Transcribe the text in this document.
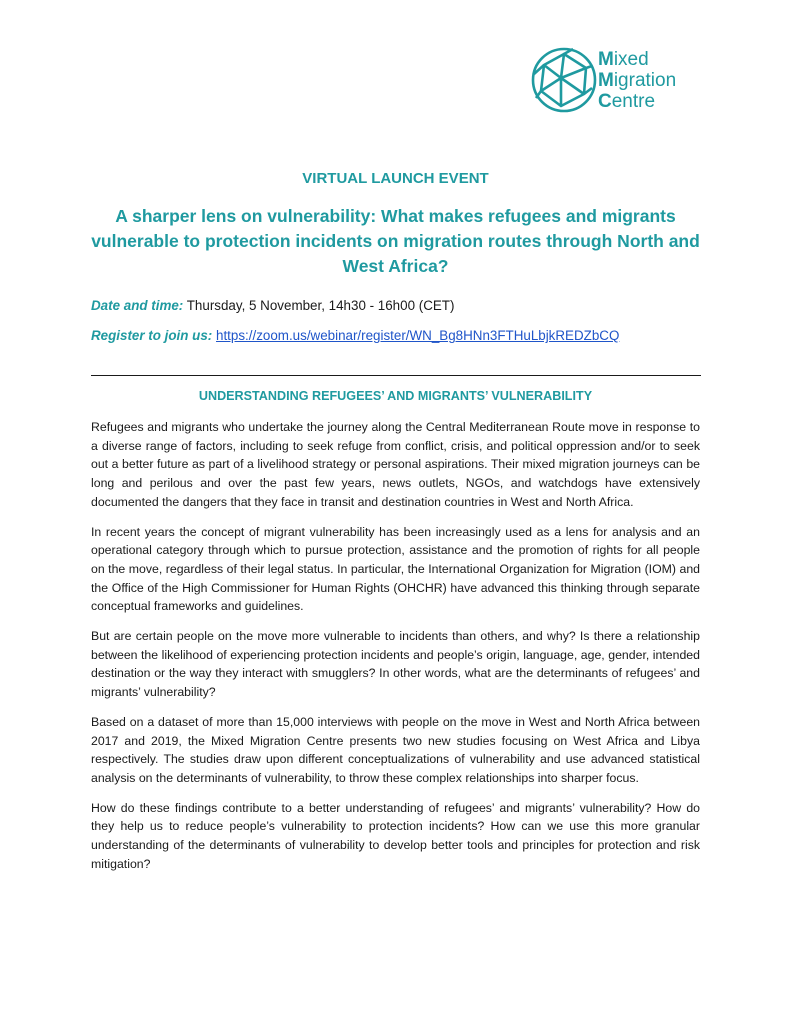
Mixed
Migration
Centre
VIRTUAL LAUNCH EVENT
A sharper lens on vulnerability: What makes refugees and migrants vulnerable to protection incidents on migration routes through North and West Africa?
Date and time: Thursday, 5 November, 14h30 - 16h00 (CET)
Register to join us: https://zoom.us/webinar/register/WN_Bg8HNn3FTHuLbjkREDZbCQ
UNDERSTANDING REFUGEES’ AND MIGRANTS’ VULNERABILITY

Refugees and migrants who undertake the journey along the Central Mediterranean Route move in response to a diverse range of factors, including to seek refuge from conflict, crisis, and political oppression and/or to seek out a better future as part of a livelihood strategy or personal aspirations. Their mixed migration journeys can be long and perilous and over the past few years, news outlets, NGOs, and watchdogs have extensively documented the dangers that they face in transit and destination countries in West and North Africa.

In recent years the concept of migrant vulnerability has been increasingly used as a lens for analysis and an operational category through which to pursue protection, assistance and the promotion of rights for all people on the move, regardless of their legal status. In particular, the International Organization for Migration (IOM) and the Office of the High Commissioner for Human Rights (OHCHR) have advanced this thinking through separate conceptual frameworks and guidelines.

But are certain people on the move more vulnerable to incidents than others, and why? Is there a relationship between the likelihood of experiencing protection incidents and people’s origin, language, age, gender, intended destination or the way they interact with smugglers? In other words, what are the determinants of refugees’ and migrants’ vulnerability?

Based on a dataset of more than 15,000 interviews with people on the move in West and North Africa between 2017 and 2019, the Mixed Migration Centre presents two new studies focusing on West Africa and Libya respectively. The studies draw upon different conceptualizations of vulnerability and use advanced statistical analysis on the determinants of vulnerability, to throw these complex relationships into sharper focus.

How do these findings contribute to a better understanding of refugees’ and migrants’ vulnerability? How do they help us to reduce people’s vulnerability to protection incidents? How can we use this more granular understanding of the determinants of vulnerability to develop better tools and principles for protection and risk mitigation?
